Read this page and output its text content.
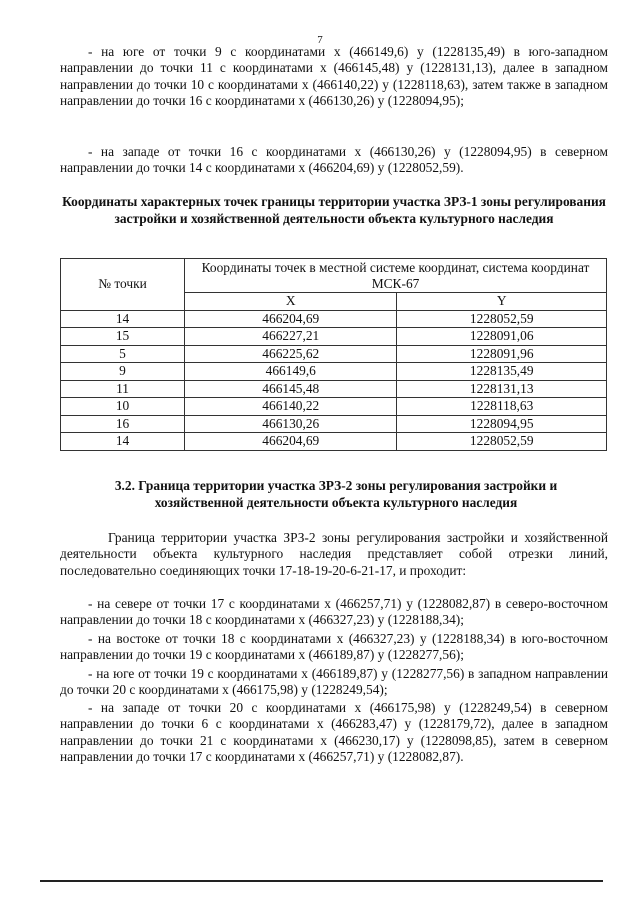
7

- на юге от точки 9 с координатами х (466149,6) у (1228135,49) в юго-западном направлении до точки 11 с координатами х (466145,48) у (1228131,13), далее в западном направлении до точки 10 с координатами х (466140,22) у (1228118,63), затем также в западном направлении до точки 16 с координатами х (466130,26) у (1228094,95);

- на западе от точки 16 с координатами х (466130,26) у (1228094,95) в северном направлении до точки 14 с координатами х (466204,69) у (1228052,59).

Координаты характерных точек границы территории участка ЗРЗ-1 зоны регулирования застройки и хозяйственной деятельности объекта культурного наследия

№ точки	Координаты точек в местной системе координат, система координат МСК-67	
	X	Y
14	466204,69	1228052,59
15	466227,21	1228091,06
5	466225,62	1228091,96
9	466149,6	1228135,49
11	466145,48	1228131,13
10	466140,22	1228118,63
16	466130,26	1228094,95
14	466204,69	1228052,59

3.2. Граница территории участка ЗРЗ-2 зоны регулирования застройки и хозяйственной деятельности объекта культурного наследия

Граница территории участка ЗРЗ-2 зоны регулирования застройки и хозяйственной деятельности объекта культурного наследия представляет собой отрезки линий, последовательно соединяющих точки 17-18-19-20-6-21-17, и проходит:

- на севере от точки 17 с координатами х (466257,71) у (1228082,87) в северо-восточном направлении до точки 18 с координатами х (466327,23) у (1228188,34);

- на востоке от точки 18 с координатами х (466327,23) у (1228188,34) в юго-восточном направлении до точки 19 с координатами х (466189,87) у (1228277,56);

- на юге от точки 19 с координатами х (466189,87) у (1228277,56) в западном направлении до точки 20 с координатами х (466175,98) у (1228249,54);

- на западе от точки 20 с координатами х (466175,98) у (1228249,54) в северном направлении до точки 6 с координатами х (466283,47) у (1228179,72), далее в западном направлении до точки 21 с координатами х (466230,17) у (1228098,85), затем в северном направлении до точки 17 с координатами х (466257,71) у (1228082,87).
